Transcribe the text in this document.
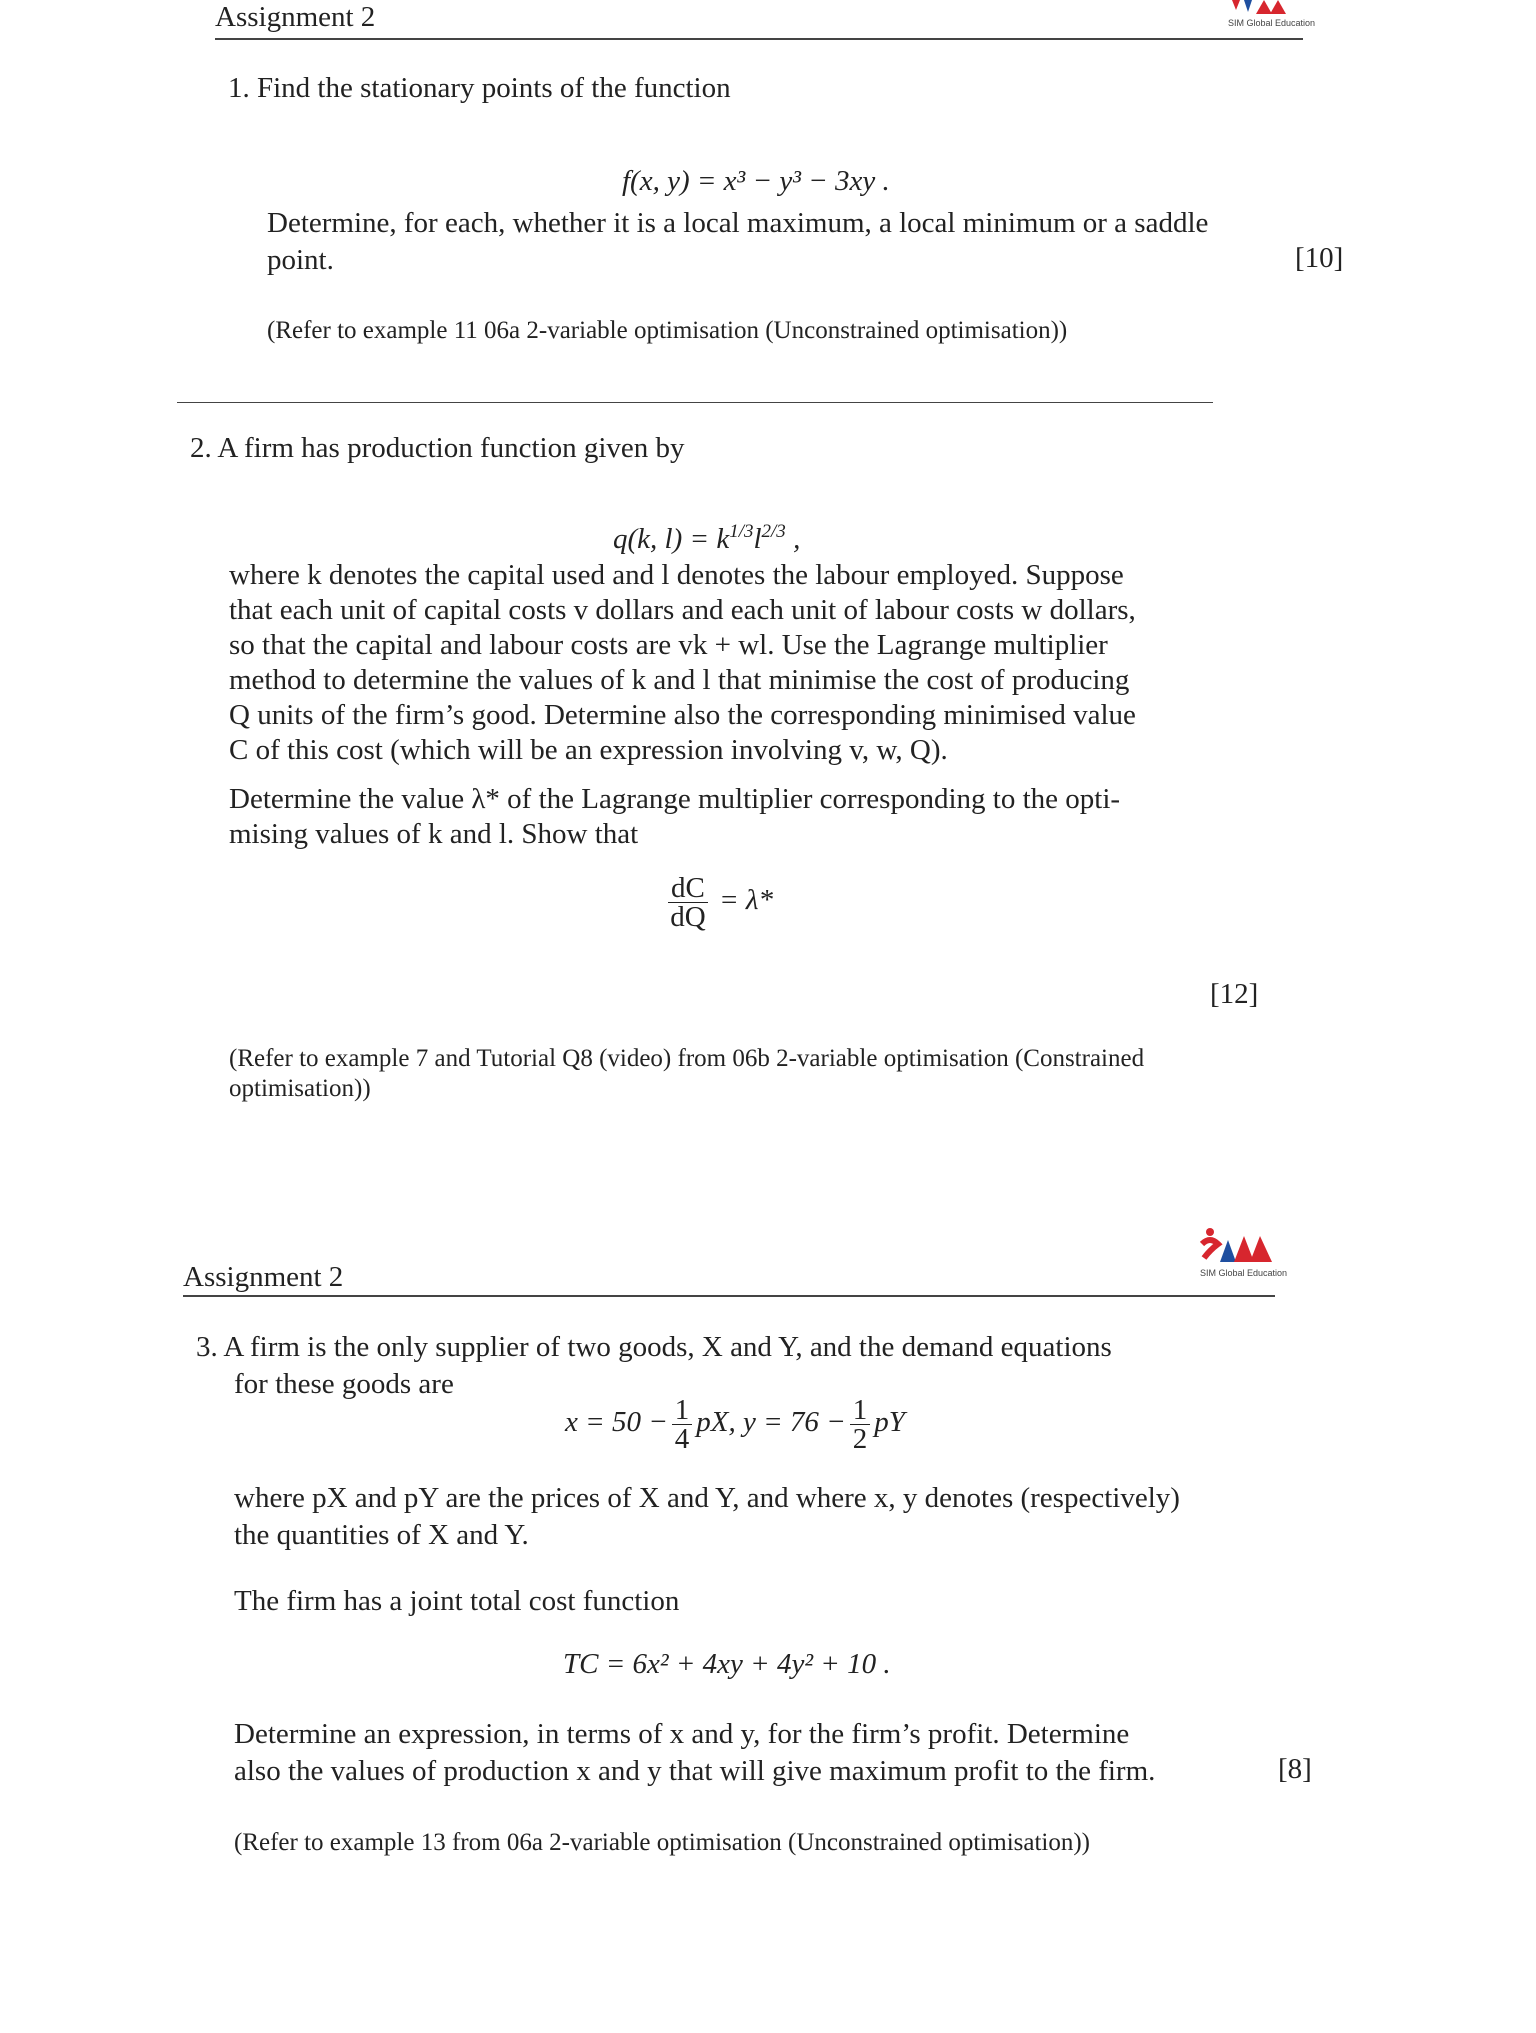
Assignment 2	SIM Global Education

1. Find the stationary points of the function

f(x, y) = x³ − y³ − 3xy .

Determine, for each, whether it is a local maximum, a local minimum or a saddle

point.	[10]

(Refer to example 11 06a 2-variable optimisation (Unconstrained optimisation))

2. A firm has production function given by

q(k, $l) = k^{1/3}l^{2/3}$ ,

where k denotes the capital used and l denotes the labour employed. Suppose

that each unit of capital costs v dollars and each unit of labour costs w dollars,

so that the capital and labour costs are vk + wl. Use the Lagrange multiplier

method to determine the values of k and l that minimise the cost of producing

Q units of the firm’s good. Determine also the corresponding minimised value

C of this cost (which will be an expression involving v, w, Q).

Determine the value λ* of the Lagrange multiplier corresponding to the opti-

mising values of k and l. Show that

$\frac{dC}{dQ} = \lambda*$

[12]

(Refer to example 7 and Tutorial Q8 (video) from 06b 2-variable optimisation (Constrained

optimisation))

SIM Global Education
Assignment 2

3. A firm is the only supplier of two goods, X and Y, and the demand equations

for these goods are

$x = 50 - \frac{1}{4}$ pX, $y = 76 - \frac{1}{2}$ pY

where pX and pY are the prices of X and Y, and where x, y denotes (respectively)

the quantities of X and Y.

The firm has a joint total cost function

TC = 6x² + 4xy + 4y² + 10 .

Determine an expression, in terms of x and y, for the firm’s profit. Determine

also the values of production x and y that will give maximum profit to the firm.	[8]

(Refer to example 13 from 06a 2-variable optimisation (Unconstrained optimisation))
